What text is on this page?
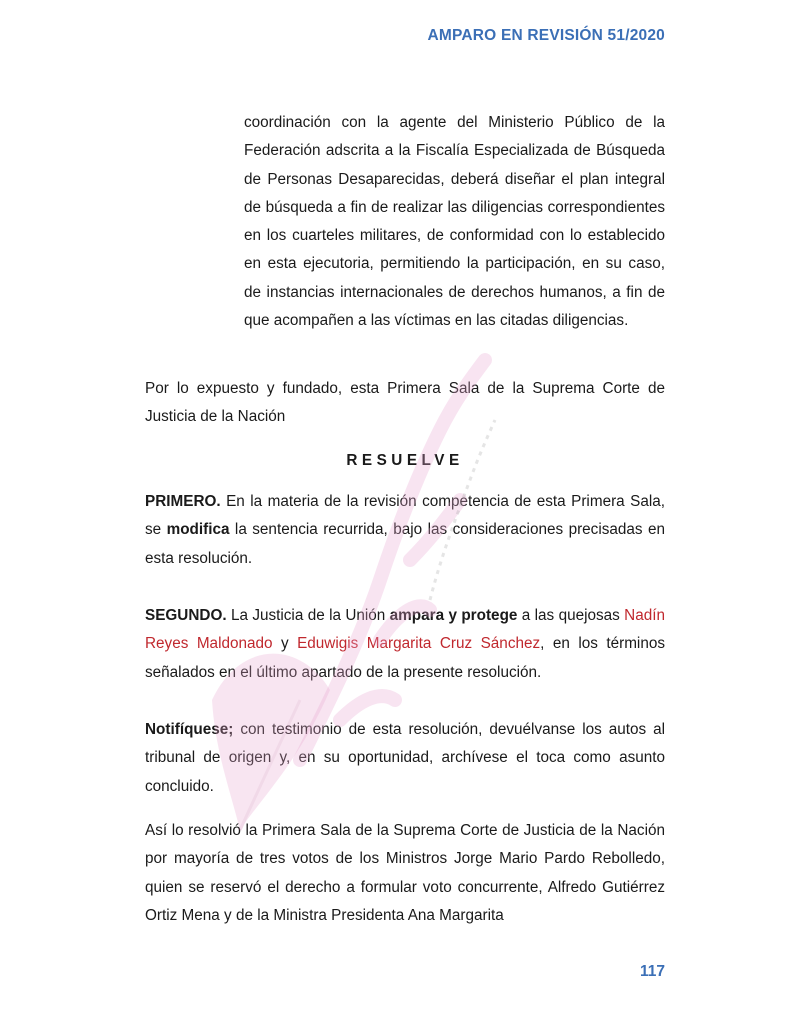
AMPARO EN REVISIÓN 51/2020
coordinación con la agente del Ministerio Público de la Federación adscrita a la Fiscalía Especializada de Búsqueda de Personas Desaparecidas, deberá diseñar el plan integral de búsqueda a fin de realizar las diligencias correspondientes en los cuarteles militares, de conformidad con lo establecido en esta ejecutoria, permitiendo la participación, en su caso, de instancias internacionales de derechos humanos, a fin de que acompañen a las víctimas en las citadas diligencias.
Por lo expuesto y fundado, esta Primera Sala de la Suprema Corte de Justicia de la Nación
RESUELVE
PRIMERO. En la materia de la revisión competencia de esta Primera Sala, se modifica la sentencia recurrida, bajo las consideraciones precisadas en esta resolución.
SEGUNDO. La Justicia de la Unión ampara y protege a las quejosas Nadín Reyes Maldonado y Eduwigis Margarita Cruz Sánchez, en los términos señalados en el último apartado de la presente resolución.
Notifíquese; con testimonio de esta resolución, devuélvanse los autos al tribunal de origen y, en su oportunidad, archívese el toca como asunto concluido.
Así lo resolvió la Primera Sala de la Suprema Corte de Justicia de la Nación por mayoría de tres votos de los Ministros Jorge Mario Pardo Rebolledo, quien se reservó el derecho a formular voto concurrente, Alfredo Gutiérrez Ortiz Mena y de la Ministra Presidenta Ana Margarita
117
